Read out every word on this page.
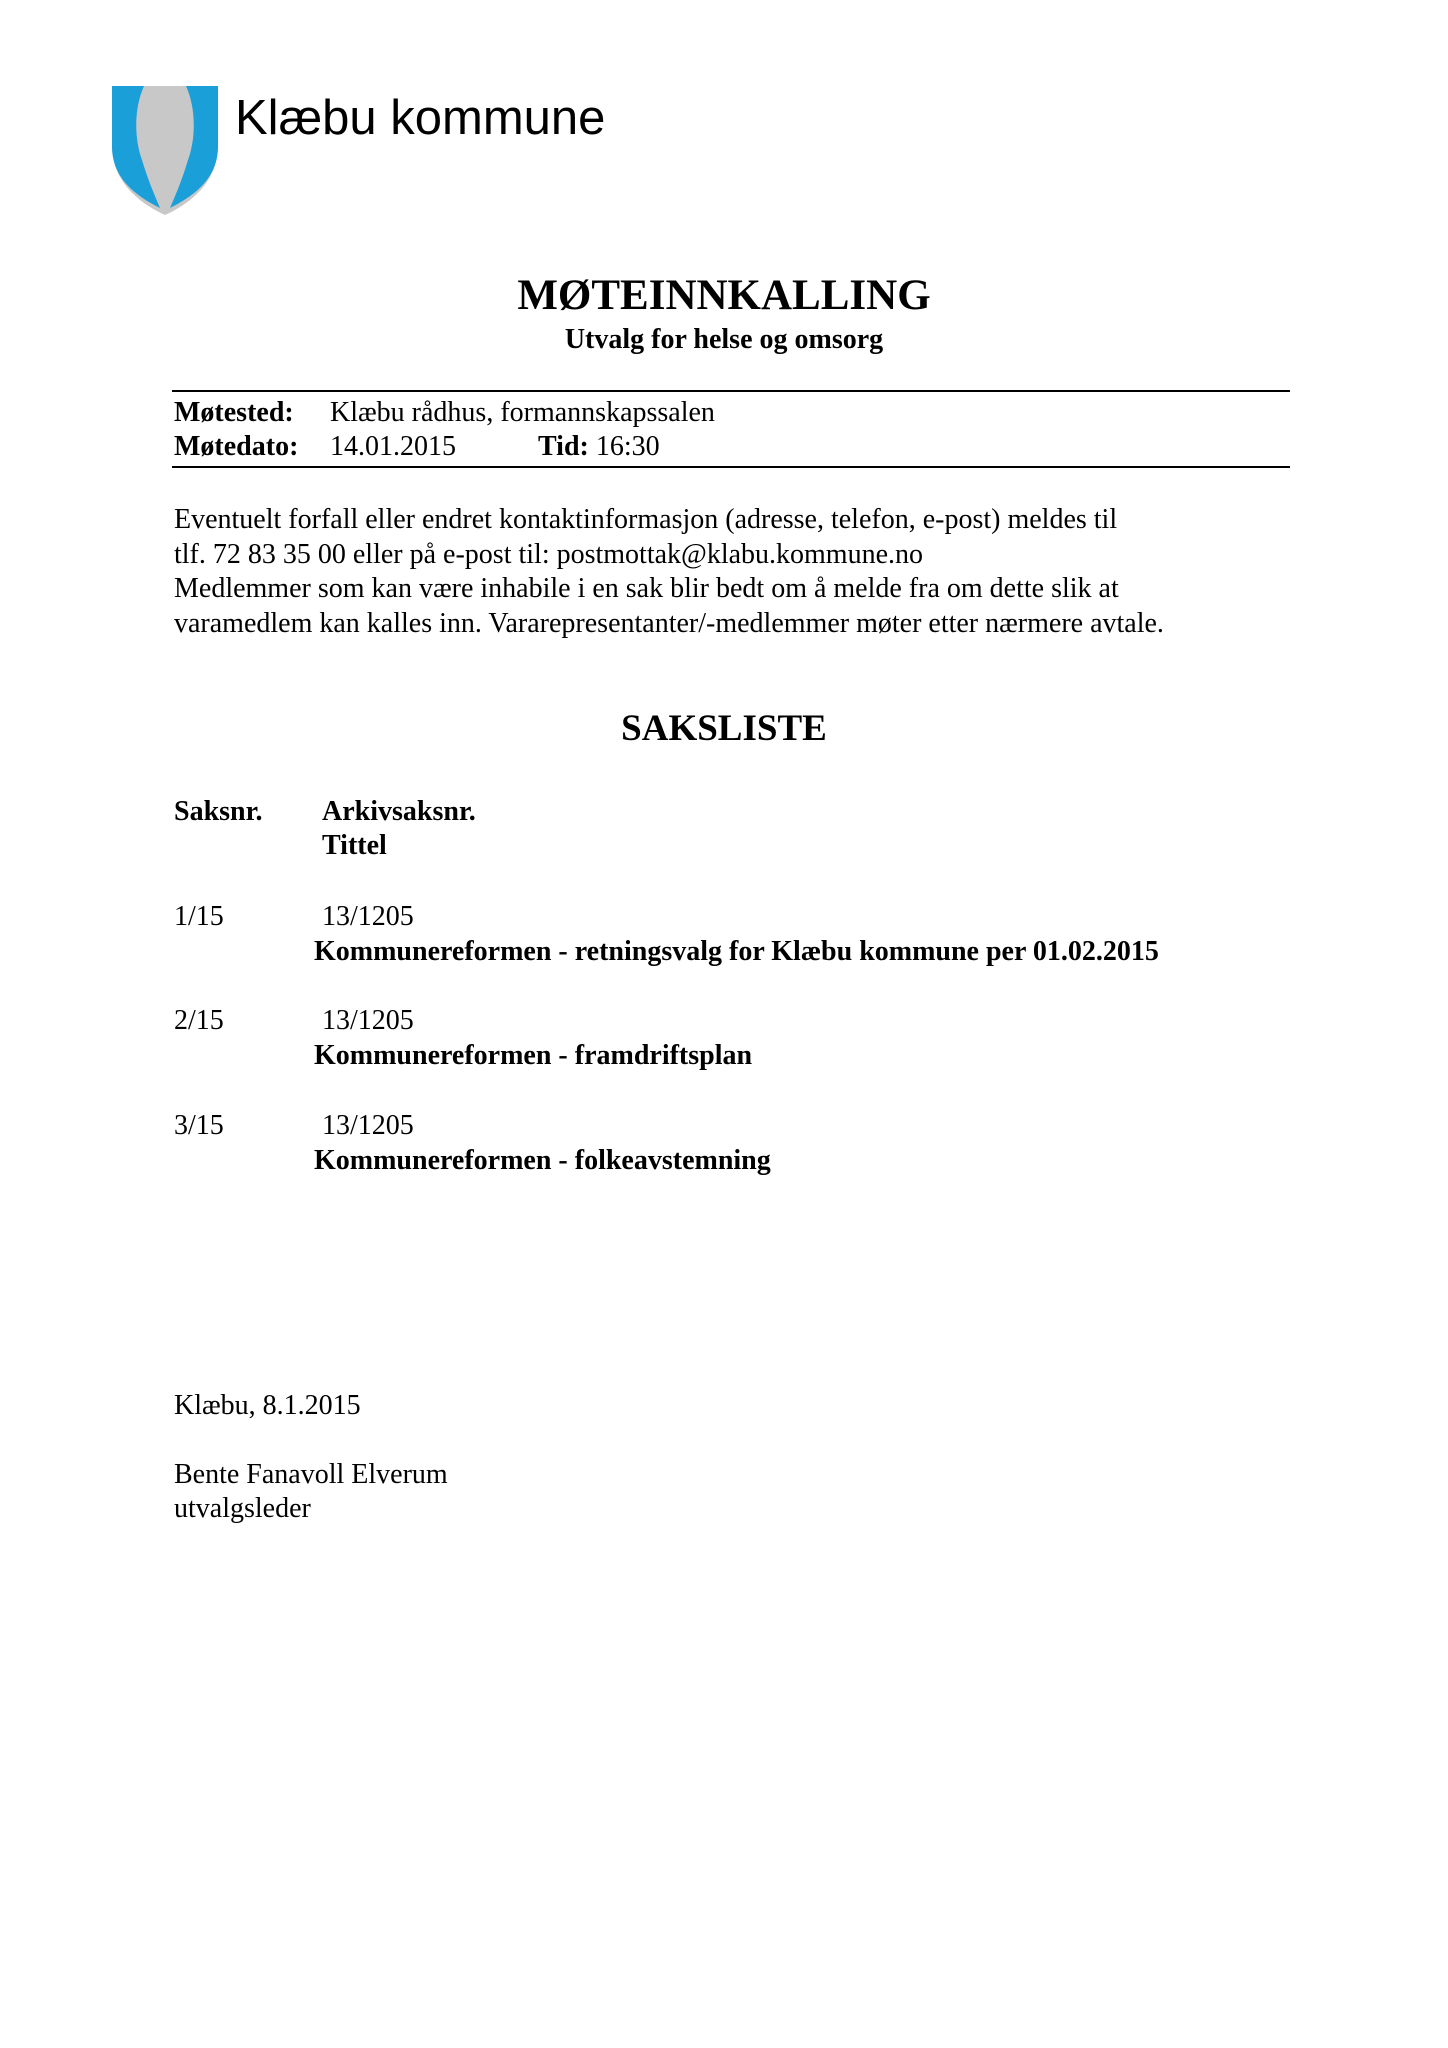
Klæbu kommune
MØTEINNKALLING
Utvalg for helse og omsorg
Møtested: Klæbu rådhus, formannskapssalen
Møtedato: 14.01.2015	Tid: 16:30
Eventuelt forfall eller endret kontaktinformasjon (adresse, telefon, e-post) meldes til
tlf. 72 83 35 00 eller på e-post til: postmottak@klabu.kommune.no
Medlemmer som kan være inhabile i en sak blir bedt om å melde fra om dette slik at
varamedlem kan kalles inn. Vararepresentanter/-medlemmer møter etter nærmere avtale.
SAKSLISTE
Saksnr. Arkivsaksnr.
Tittel
1/15	13/1205
Kommunereformen - retningsvalg for Klæbu kommune per 01.02.2015
2/15	13/1205
Kommunereformen - framdriftsplan
3/15	13/1205
Kommunereformen - folkeavstemning
Klæbu, 8.1.2015
Bente Fanavoll Elverum
utvalgsleder
